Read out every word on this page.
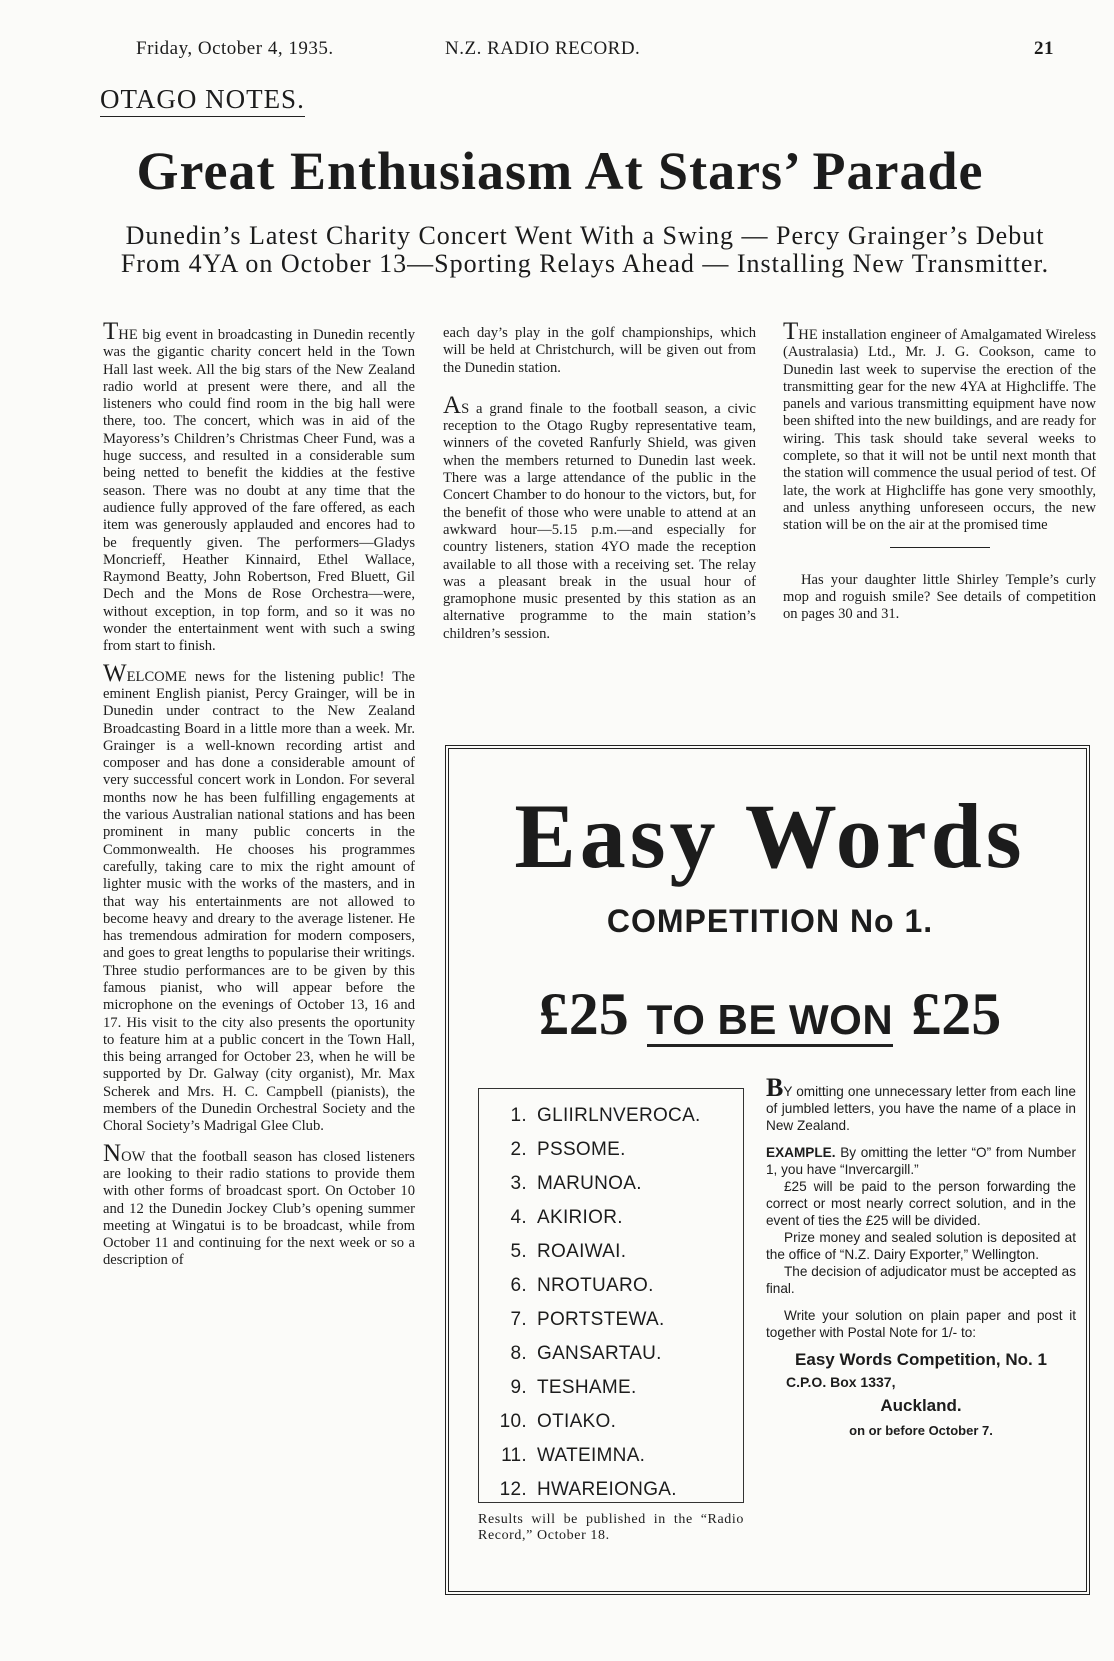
Friday, October 4, 1935.	N.Z. RADIO RECORD.	21
OTAGO NOTES.
Great Enthusiasm At Stars’ Parade
Dunedin’s Latest Charity Concert Went With a Swing — Percy Grainger’s Debut From 4YA on October 13—Sporting Relays Ahead — Installing New Transmitter.

THE big event in broadcasting in Dunedin recently was the gigantic charity concert held in the Town Hall last week. All the big stars of the New Zealand radio world at present were there, and all the listeners who could find room in the big hall were there, too. The concert, which was in aid of the Mayoress’s Children’s Christmas Cheer Fund, was a huge success, and resulted in a considerable sum being netted to benefit the kiddies at the festive season. There was no doubt at any time that the audience fully approved of the fare offered, as each item was generously applauded and encores had to be frequently given. The performers—Gladys Moncrieff, Heather Kinnaird, Ethel Wallace, Raymond Beatty, John Robertson, Fred Bluett, Gil Dech and the Mons de Rose Orchestra—were, without exception, in top form, and so it was no wonder the entertainment went with such a swing from start to finish.

WELCOME news for the listening public! The eminent English pianist, Percy Grainger, will be in Dunedin under contract to the New Zealand Broadcasting Board in a little more than a week. Mr. Grainger is a well-known recording artist and composer and has done a considerable amount of very successful concert work in London. For several months now he has been fulfilling engagements at the various Australian national stations and has been prominent in many public concerts in the Commonwealth. He chooses his programmes carefully, taking care to mix the right amount of lighter music with the works of the masters, and in that way his entertainments are not allowed to become heavy and dreary to the average listener. He has tremendous admiration for modern composers, and goes to great lengths to popularise their writings. Three studio performances are to be given by this famous pianist, who will appear before the microphone on the evenings of October 13, 16 and 17. His visit to the city also presents the oportunity to feature him at a public concert in the Town Hall, this being arranged for October 23, when he will be supported by Dr. Galway (city organist), Mr. Max Scherek and Mrs. H. C. Campbell (pianists), the members of the Dunedin Orchestral Society and the Choral Society’s Madrigal Glee Club.

NOW that the football season has closed listeners are looking to their radio stations to provide them with other forms of broadcast sport. On October 10 and 12 the Dunedin Jockey Club’s opening summer meeting at Wingatui is to be broadcast, while from October 11 and continuing for the next week or so a description of

each day’s play in the golf championships, which will be held at Christchurch, will be given out from the Dunedin station.

AS a grand finale to the football season, a civic reception to the Otago Rugby representative team, winners of the coveted Ranfurly Shield, was given when the members returned to Dunedin last week. There was a large attendance of the public in the Concert Chamber to do honour to the victors, but, for the benefit of those who were unable to attend at an awkward hour—5.15 p.m.—and especially for country listeners, station 4YO made the reception available to all those with a receiving set. The relay was a pleasant break in the usual hour of gramophone music presented by this station as an alternative programme to the main station’s children’s session.

THE installation engineer of Amalgamated Wireless (Australasia) Ltd., Mr. J. G. Cookson, came to Dunedin last week to supervise the erection of the transmitting gear for the new 4YA at Highcliffe. The panels and various transmitting equipment have now been shifted into the new buildings, and are ready for wiring. This task should take several weeks to complete, so that it will not be until next month that the station will commence the usual period of test. Of late, the work at Highcliffe has gone very smoothly, and unless anything unforeseen occurs, the new station will be on the air at the promised time

Has your daughter little Shirley Temple’s curly mop and roguish smile? See details of competition on pages 30 and 31.

Easy Words
COMPETITION No 1.
£25 TO BE WON £25
1. GLIIRLNVEROCA.
2. PSSOME.
3. MARUNOA.
4. AKIRIOR.
5. ROAIWAI.
6. NROTUARO.
7. PORTSTEWA.
8. GANSARTAU.
9. TESHAME.
10. OTIAKO.
11. WATEIMNA.
12. HWAREIONGA.
Results will be published in the “Radio Record,” October 18.

BY omitting one unnecessary letter from each line of jumbled letters, you have the name of a place in New Zealand.

EXAMPLE. By omitting the letter “O” from Number 1, you have “Invercargill.”

£25 will be paid to the person forwarding the correct or most nearly correct solution, and in the event of ties the £25 will be divided.

Prize money and sealed solution is deposited at the office of “N.Z. Dairy Exporter,” Wellington.

The decision of adjudicator must be accepted as final.

Write your solution on plain paper and post it together with Postal Note for 1/- to:

Easy Words Competition, No. 1
C.P.O. Box 1337,
Auckland.
on or before October 7.
